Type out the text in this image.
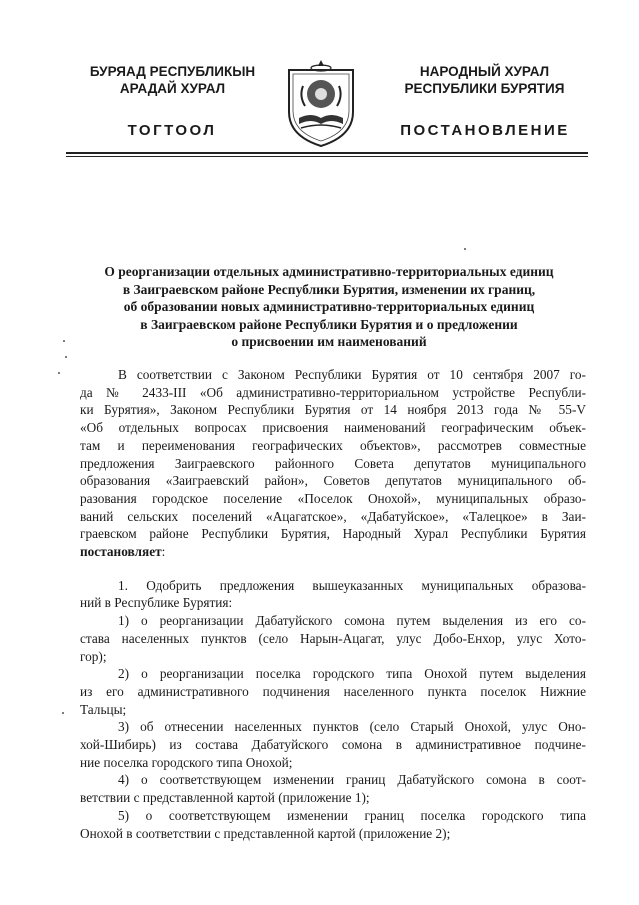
БУРЯАД РЕСПУБЛИКЫН
АРАДАЙ ХУРАЛ
НАРОДНЫЙ ХУРАЛ
РЕСПУБЛИКИ БУРЯТИЯ
ТОГТООЛ	ПОСТАНОВЛЕНИЕ
О реорганизации отдельных административно-территориальных единиц
в Заиграевском районе Республики Бурятия, изменении их границ,
об образовании новых административно-территориальных единиц
в Заиграевском районе Республики Бурятия и о предложении
о присвоении им наименований
В соответствии с Законом Республики Бурятия от 10 сентября 2007 го-
да № 2433-III «Об административно-территориальном устройстве Республи-
ки Бурятия», Законом Республики Бурятия от 14 ноября 2013 года № 55-V
«Об отдельных вопросах присвоения наименований географическим объек-
там и переименования географических объектов», рассмотрев совместные
предложения Заиграевского районного Совета депутатов муниципального
образования «Заиграевский район», Советов депутатов муниципального об-
разования городское поселение «Поселок Онохой», муниципальных образо-
ваний сельских поселений «Ацагатское», «Дабатуйское», «Талецкое» в Заи-
граевском районе Республики Бурятия, Народный Хурал Республики Бурятия
постановляет:
1. Одобрить предложения вышеуказанных муниципальных образова-
ний в Республике Бурятия:
1) о реорганизации Дабатуйского сомона путем выделения из его со-
става населенных пунктов (село Нарын-Ацагат, улус Добо-Енхор, улус Хото-
гор);
2) о реорганизации поселка городского типа Онохой путем выделения
из его административного подчинения населенного пункта поселок Нижние
Тальцы;
3) об отнесении населенных пунктов (село Старый Онохой, улус Оно-
хой-Шибирь) из состава Дабатуйского сомона в административное подчине-
ние поселка городского типа Онохой;
4) о соответствующем изменении границ Дабатуйского сомона в соот-
ветствии с представленной картой (приложение 1);
5) о соответствующем изменении границ поселка городского типа
Онохой в соответствии с представленной картой (приложение 2);
